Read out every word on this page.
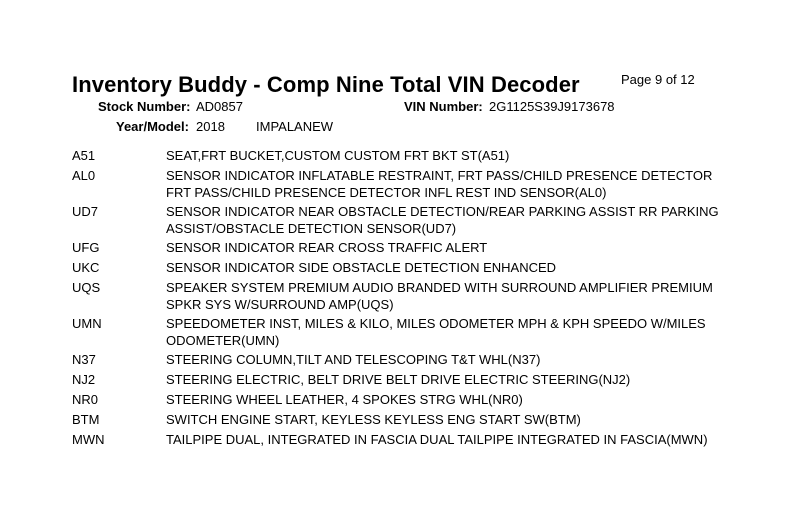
Inventory Buddy - Comp Nine Total VIN Decoder	Page 9 of 12
Stock Number: AD0857	VIN Number: 2G1125S39J9173678
Year/Model: 2018 IMPALANEW
A51	SEAT,FRT BUCKET,CUSTOM CUSTOM FRT BKT ST(A51)
AL0	SENSOR INDICATOR INFLATABLE RESTRAINT, FRT PASS/CHILD PRESENCE DETECTOR FRT PASS/CHILD PRESENCE DETECTOR INFL REST IND SENSOR(AL0)
UD7	SENSOR INDICATOR NEAR OBSTACLE DETECTION/REAR PARKING ASSIST RR PARKING ASSIST/OBSTACLE DETECTION SENSOR(UD7)
UFG	SENSOR INDICATOR REAR CROSS TRAFFIC ALERT
UKC	SENSOR INDICATOR SIDE OBSTACLE DETECTION ENHANCED
UQS	SPEAKER SYSTEM PREMIUM AUDIO BRANDED WITH SURROUND AMPLIFIER PREMIUM SPKR SYS W/SURROUND AMP(UQS)
UMN	SPEEDOMETER INST, MILES & KILO, MILES ODOMETER MPH & KPH SPEEDO W/MILES ODOMETER(UMN)
N37	STEERING COLUMN,TILT AND TELESCOPING T&T WHL(N37)
NJ2	STEERING ELECTRIC, BELT DRIVE BELT DRIVE ELECTRIC STEERING(NJ2)
NR0	STEERING WHEEL LEATHER, 4 SPOKES STRG WHL(NR0)
BTM	SWITCH ENGINE START, KEYLESS KEYLESS ENG START SW(BTM)
MWN	TAILPIPE DUAL, INTEGRATED IN FASCIA DUAL TAILPIPE INTEGRATED IN FASCIA(MWN)
